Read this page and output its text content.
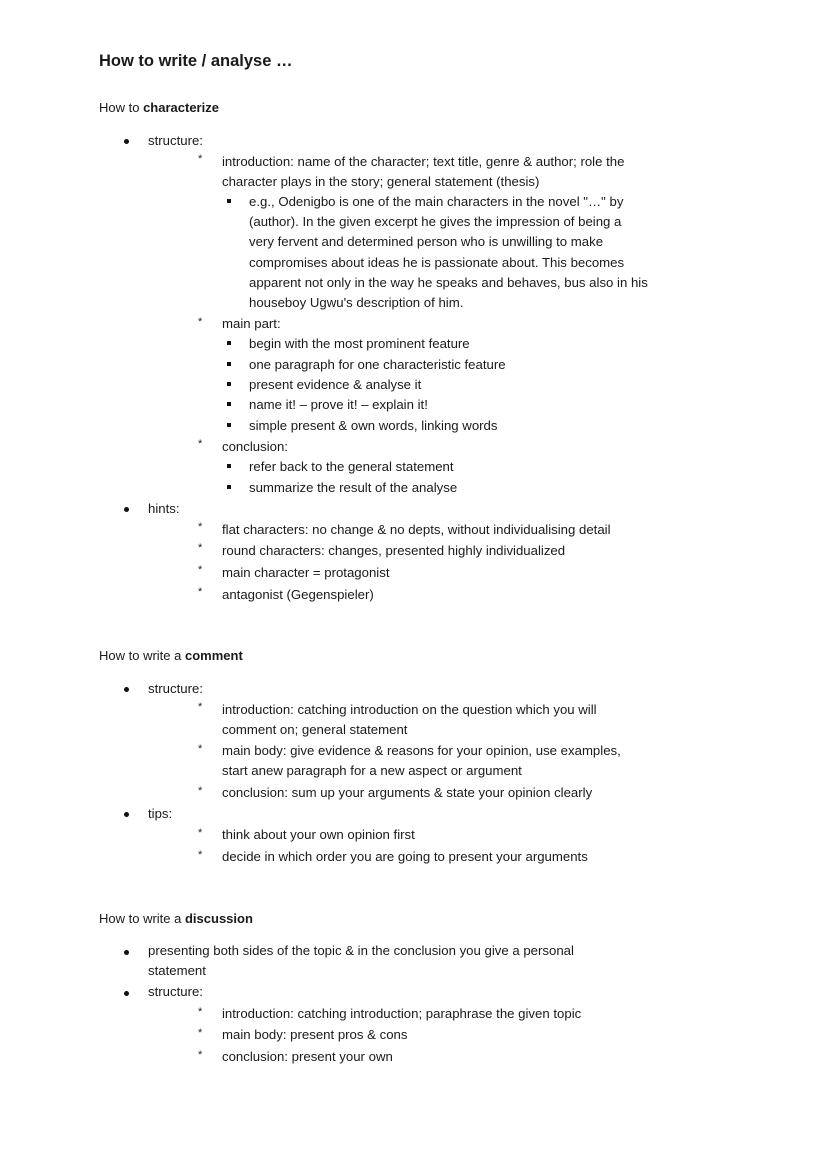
How to write / analyse …
How to characterize
structure:
* introduction: name of the character; text title, genre & author; role the character plays in the story; general statement (thesis)
e.g., Odenigbo is one of the main characters in the novel "…" by (author). In the given excerpt he gives the impression of being a very fervent and determined person who is unwilling to make compromises about ideas he is passionate about. This becomes apparent not only in the way he speaks and behaves, bus also in his houseboy Ugwu's description of him.
* main part:
begin with the most prominent feature
one paragraph for one characteristic feature
present evidence & analyse it
name it! – prove it! – explain it!
simple present & own words, linking words
* conclusion:
refer back to the general statement
summarize the result of the analyse
hints:
* flat characters: no change & no depts, without individualising detail
* round characters: changes, presented highly individualized
* main character = protagonist
* antagonist (Gegenspieler)
How to write a comment
structure:
* introduction: catching introduction on the question which you will comment on; general statement
* main body: give evidence & reasons for your opinion, use examples, start anew paragraph for a new aspect or argument
* conclusion: sum up your arguments & state your opinion clearly
tips:
* think about your own opinion first
* decide in which order you are going to present your arguments
How to write a discussion
presenting both sides of the topic & in the conclusion you give a personal statement
structure:
* introduction: catching introduction; paraphrase the given topic
* main body: present pros & cons
* conclusion: present your own
